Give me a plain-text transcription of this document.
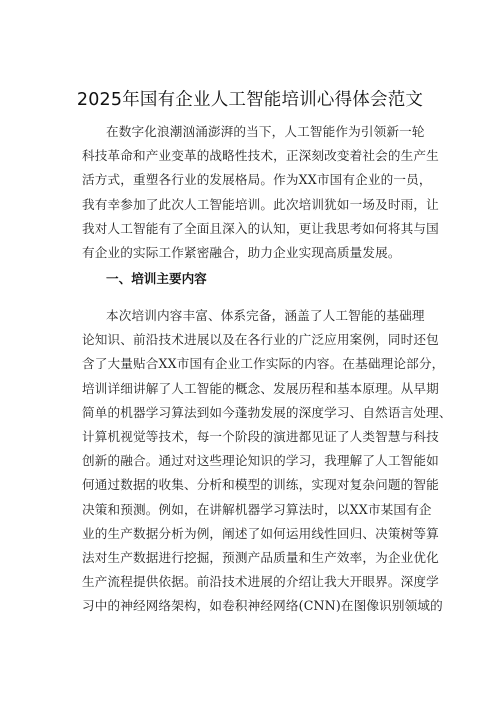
2025年国有企业人工智能培训心得体会范文
在数字化浪潮汹涌澎湃的当下，人工智能作为引领新一轮
科技革命和产业变革的战略性技术，正深刻改变着社会的生产生
活方式，重塑各行业的发展格局。作为XX市国有企业的一员，
我有幸参加了此次人工智能培训。此次培训犹如一场及时雨，让
我对人工智能有了全面且深入的认知，更让我思考如何将其与国
有企业的实际工作紧密融合，助力企业实现高质量发展。
一、培训主要内容
本次培训内容丰富、体系完备，涵盖了人工智能的基础理
论知识、前沿技术进展以及在各行业的广泛应用案例，同时还包
含了大量贴合XX市国有企业工作实际的内容。在基础理论部分，
培训详细讲解了人工智能的概念、发展历程和基本原理。从早期
简单的机器学习算法到如今蓬勃发展的深度学习、自然语言处理、
计算机视觉等技术，每一个阶段的演进都见证了人类智慧与科技
创新的融合。通过对这些理论知识的学习，我理解了人工智能如
何通过数据的收集、分析和模型的训练，实现对复杂问题的智能
决策和预测。例如，在讲解机器学习算法时，以XX市某国有企
业的生产数据分析为例，阐述了如何运用线性回归、决策树等算
法对生产数据进行挖掘，预测产品质量和生产效率，为企业优化
生产流程提供依据。前沿技术进展的介绍让我大开眼界。深度学
习中的神经网络架构，如卷积神经网络(CNN)在图像识别领域的
